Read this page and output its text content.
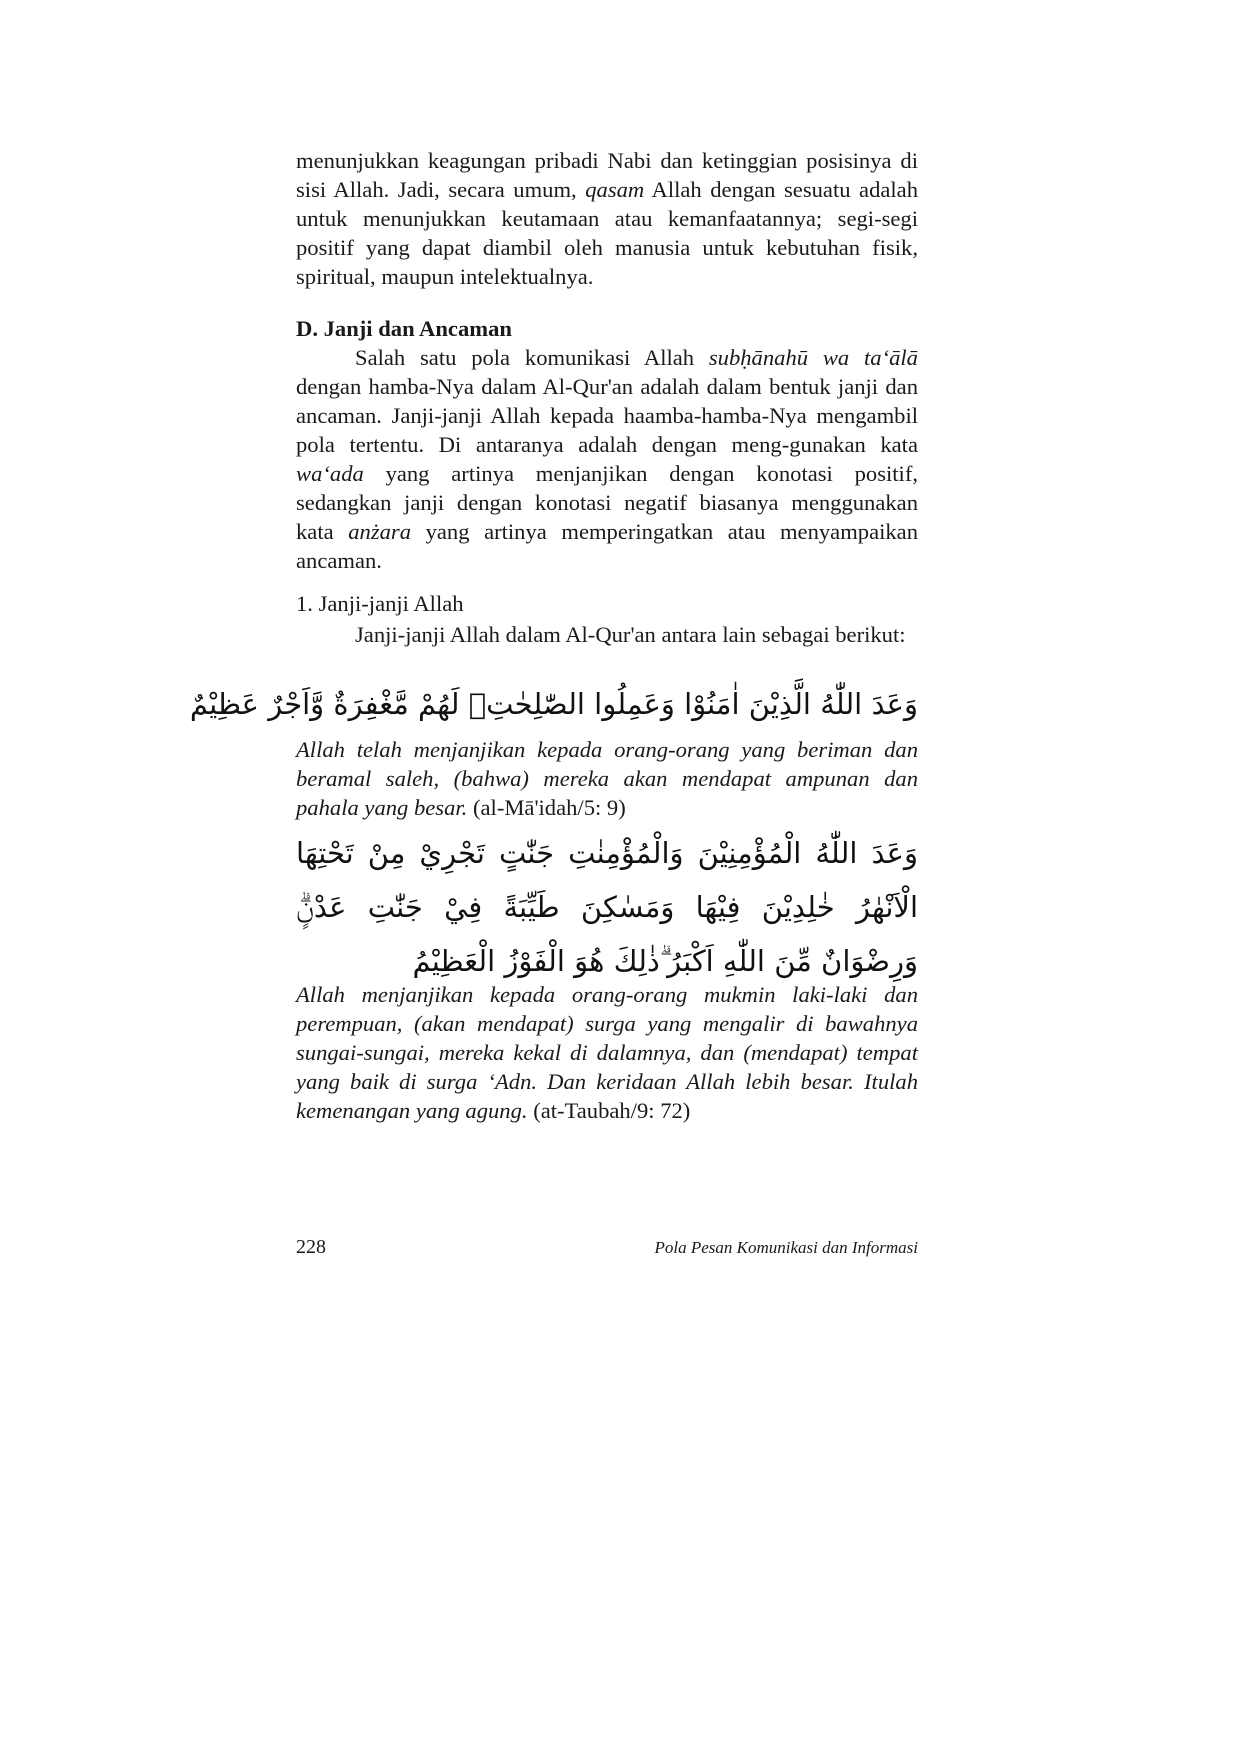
menunjukkan keagungan pribadi Nabi dan ketinggian posisinya di sisi Allah. Jadi, secara umum, qasam Allah dengan sesuatu adalah untuk menunjukkan keutamaan atau kemanfaatannya; segi-segi positif yang dapat diambil oleh manusia untuk kebutuhan fisik, spiritual, maupun intelektualnya.

D. Janji dan Ancaman

Salah satu pola komunikasi Allah subḥānahū wa taʻālā dengan hamba-Nya dalam Al-Qur'an adalah dalam bentuk janji dan ancaman. Janji-janji Allah kepada haamba-hamba-Nya mengambil pola tertentu. Di antaranya adalah dengan meng-gunakan kata waʻada yang artinya menjanjikan dengan konotasi positif, sedangkan janji dengan konotasi negatif biasanya menggunakan kata anżara yang artinya memperingatkan atau menyampaikan ancaman.

1. Janji-janji Allah

Janji-janji Allah dalam Al-Qur'an antara lain sebagai berikut:

وَعَدَ اللّٰهُ الَّذِيْنَ اٰمَنُوْا وَعَمِلُوا الصّٰلِحٰتِۙ لَهُمْ مَّغْفِرَةٌ وَّاَجْرٌ عَظِيْمٌ

Allah telah menjanjikan kepada orang-orang yang beriman dan beramal saleh, (bahwa) mereka akan mendapat ampunan dan pahala yang besar. (al-Mā'idah/5: 9)

وَعَدَ اللّٰهُ الْمُؤْمِنِيْنَ وَالْمُؤْمِنٰتِ جَنّٰتٍ تَجْرِيْ مِنْ تَحْتِهَا الْاَنْهٰرُ خٰلِدِيْنَ فِيْهَا وَمَسٰكِنَ طَيِّبَةً فِيْ جَنّٰتِ عَدْنٍۗ وَرِضْوَانٌ مِّنَ اللّٰهِ اَكْبَرُ ۗذٰلِكَ هُوَ الْفَوْزُ الْعَظِيْمُ

Allah menjanjikan kepada orang-orang mukmin laki-laki dan perempuan, (akan mendapat) surga yang mengalir di bawahnya sungai-sungai, mereka kekal di dalamnya, dan (mendapat) tempat yang baik di surga ‘Adn. Dan keridaan Allah lebih besar. Itulah kemenangan yang agung. (at-Taubah/9: 72)

228	Pola Pesan Komunikasi dan Informasi
